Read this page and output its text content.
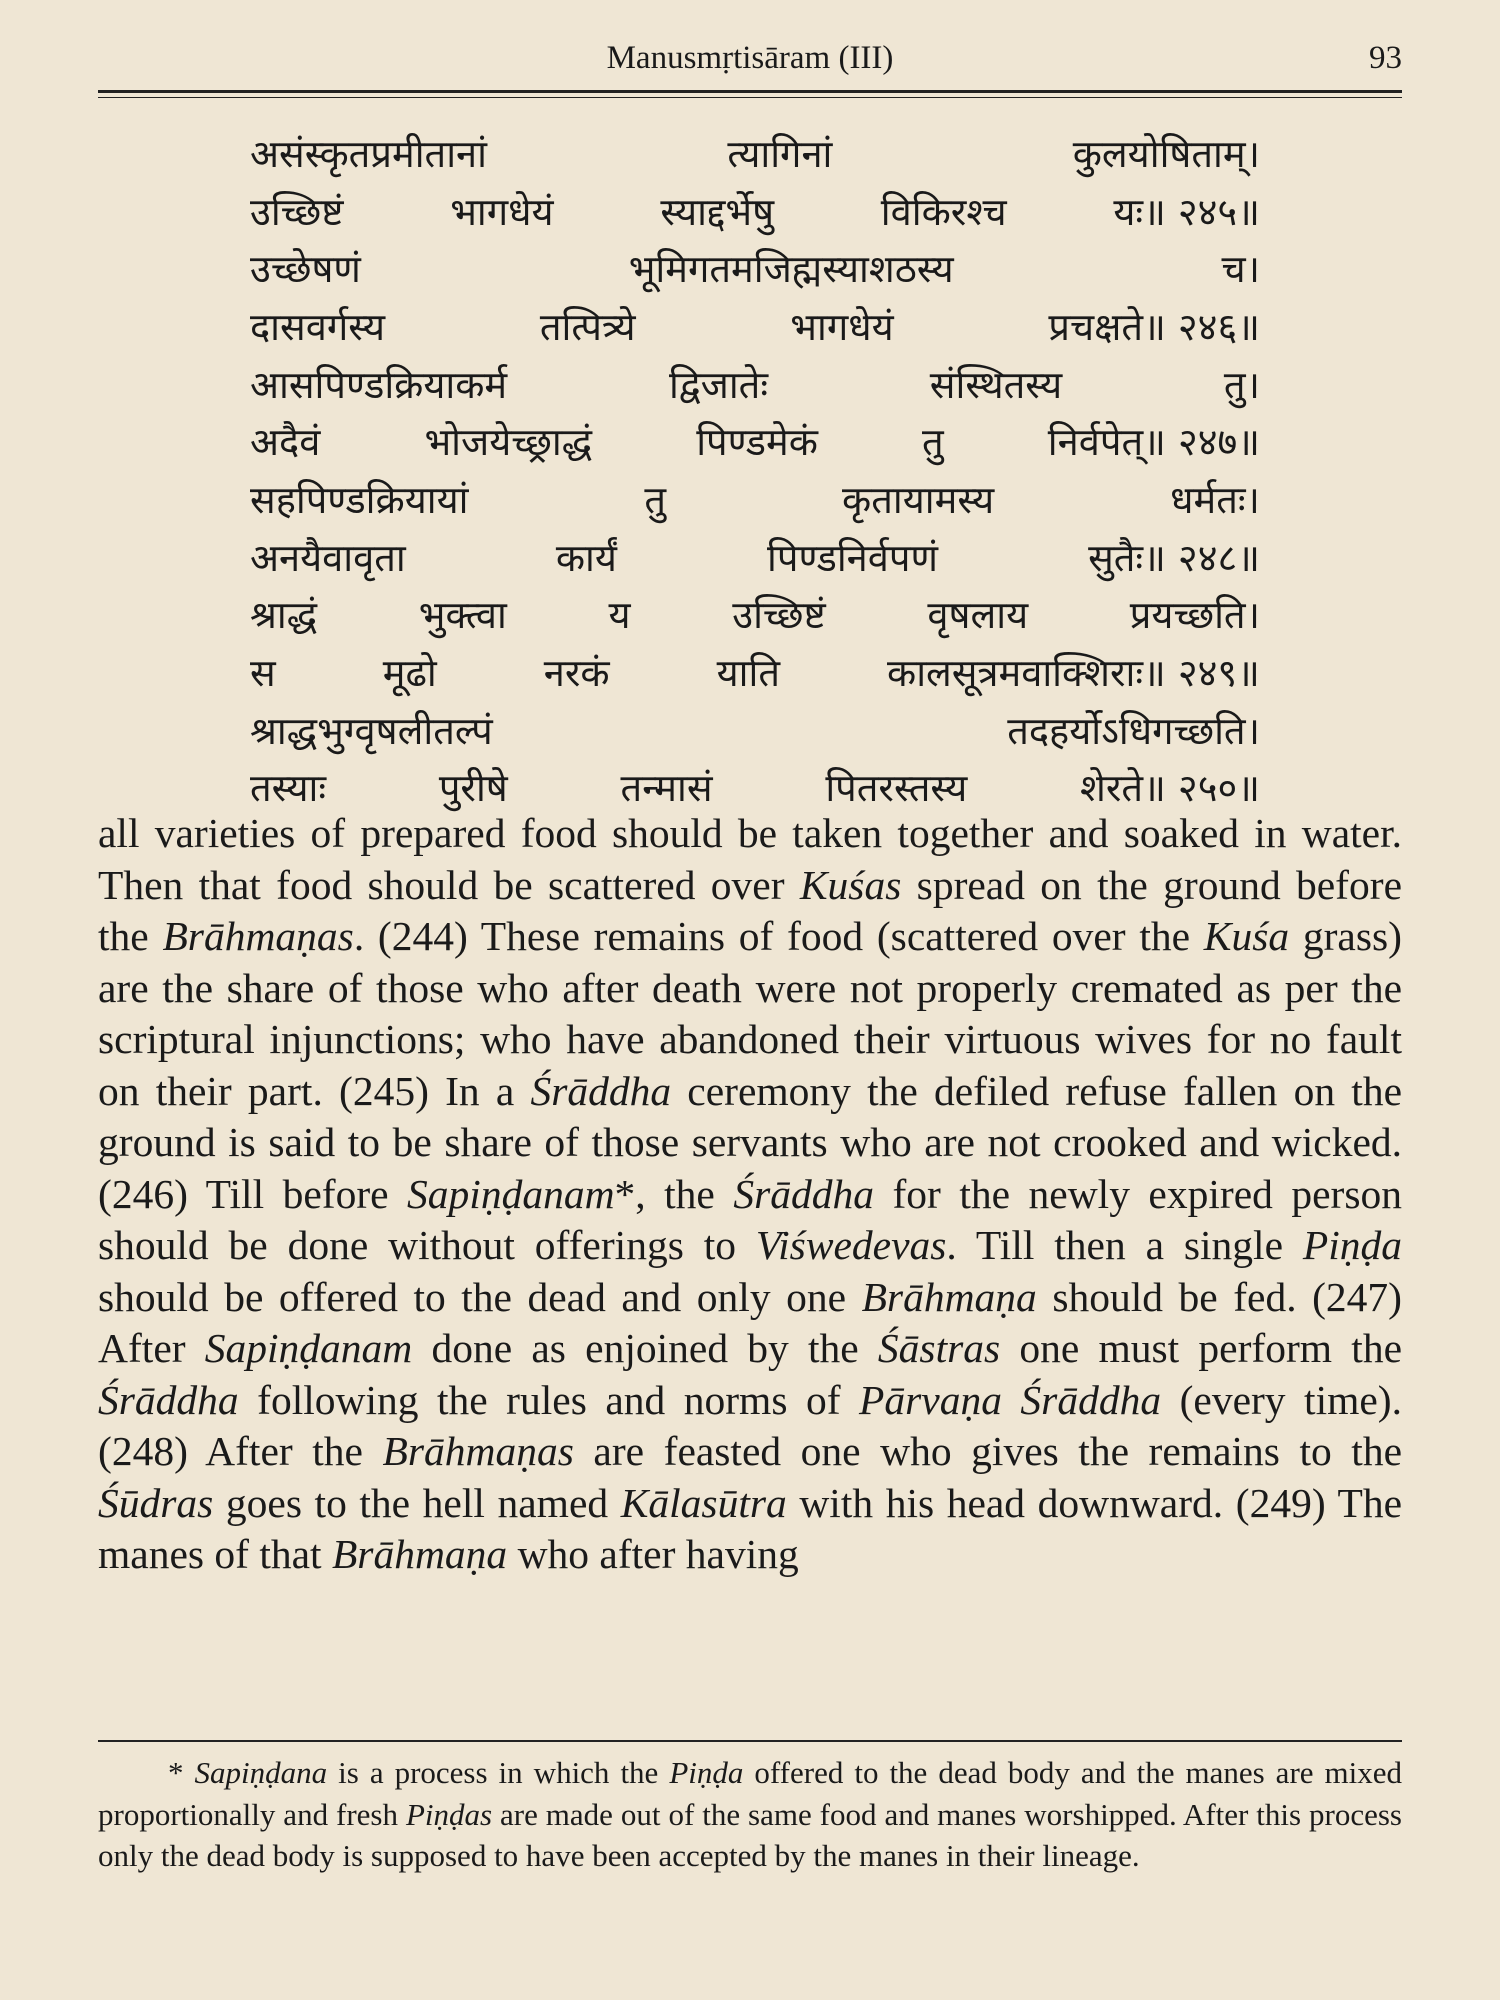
Manusmṛtisāram (III)	93
असंस्कृतप्रमीतानां	त्यागिनां	कुलयोषिताम्।
उच्छिष्टं	भागधेयं	स्याद्दर्भेषु	विकिरश्च	यः॥ २४५॥
उच्छेषणं	भूमिगतमजिह्मस्याशठस्य	च।
दासवर्गस्य	तत्पित्र्ये	भागधेयं	प्रचक्षते॥ २४६॥
आसपिण्डक्रियाकर्म	द्विजातेः	संस्थितस्य	तु।
अदैवं	भोजयेच्छ्राद्धं	पिण्डमेकं	तु	निर्वपेत्॥ २४७॥
सहपिण्डक्रियायां	तु	कृतायामस्य	धर्मतः।
अनयैवावृता	कार्यं	पिण्डनिर्वपणं	सुतैः॥ २४८॥
श्राद्धं	भुक्त्वा	य	उच्छिष्टं	वृषलाय	प्रयच्छति।
स	मूढो	नरकं	याति	कालसूत्रमवाक्शिराः॥ २४९॥
श्राद्धभुग्वृषलीतल्पं	तदहर्योऽधिगच्छति।
तस्याः	पुरीषे	तन्मासं	पितरस्तस्य	शेरते॥ २५०॥

all varieties of prepared food should be taken together and soaked in water. Then that food should be scattered over Kuśas spread on the ground before the Brāhmaṇas. (244) These remains of food (scattered over the Kuśa grass) are the share of those who after death were not properly cremated as per the scriptural injunctions; who have abandoned their virtuous wives for no fault on their part. (245) In a Śrāddha ceremony the defiled refuse fallen on the ground is said to be share of those servants who are not crooked and wicked. (246) Till before Sapiṇḍanam*, the Śrāddha for the newly expired person should be done without offerings to Viśwedevas. Till then a single Piṇḍa should be offered to the dead and only one Brāhmaṇa should be fed. (247) After Sapiṇḍanam done as enjoined by the Śāstras one must perform the Śrāddha following the rules and norms of Pārvaṇa Śrāddha (every time). (248) After the Brāhmaṇas are feasted one who gives the remains to the Śūdras goes to the hell named Kālasūtra with his head downward. (249) The manes of that Brāhmaṇa who after having

* Sapiṇḍana is a process in which the Piṇḍa offered to the dead body and the manes are mixed proportionally and fresh Piṇḍas are made out of the same food and manes worshipped. After this process only the dead body is supposed to have been accepted by the manes in their lineage.
